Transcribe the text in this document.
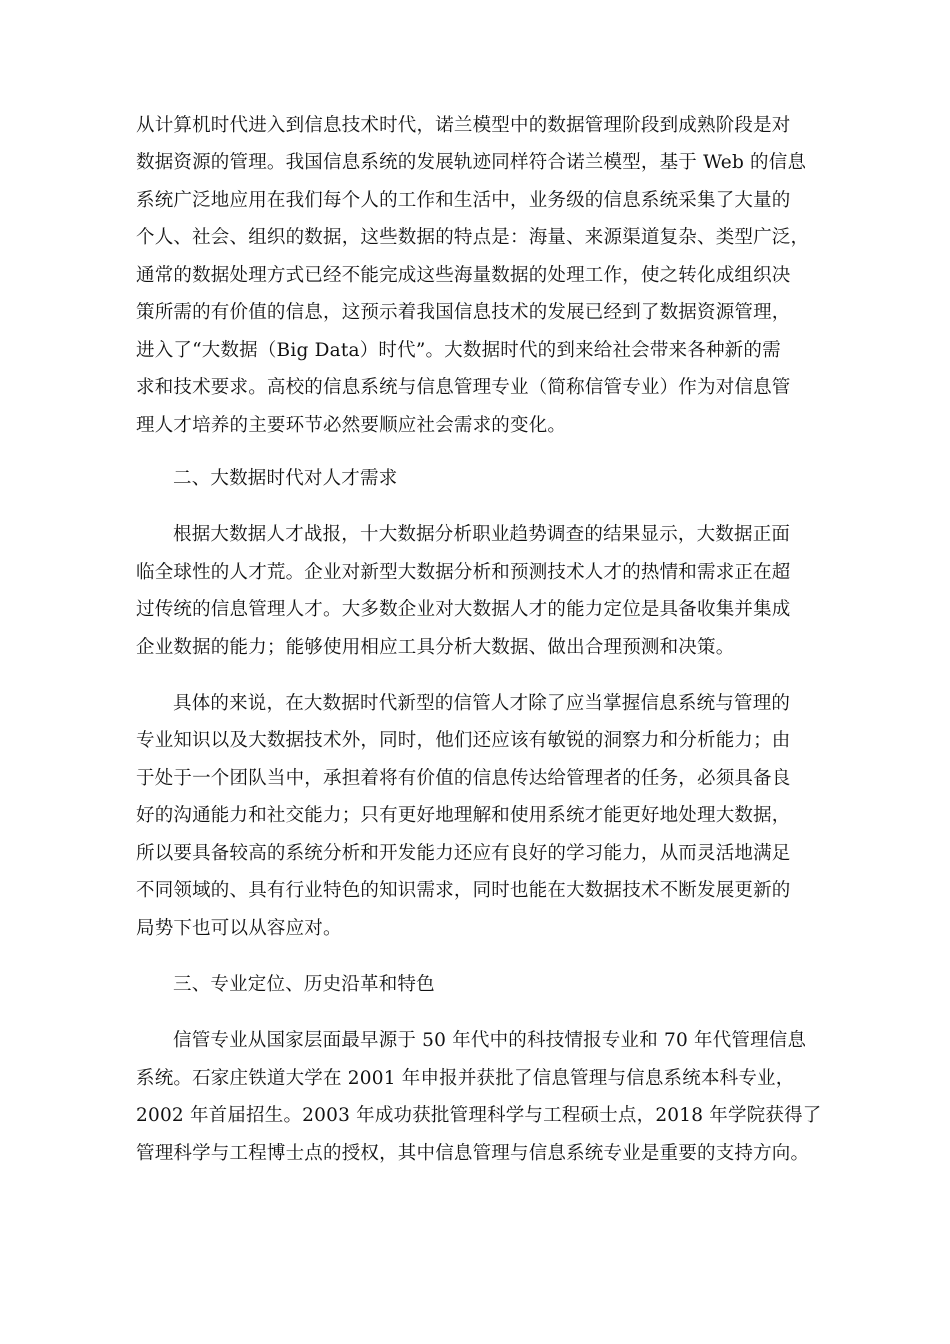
从计算机时代进入到信息技术时代，诺兰模型中的数据管理阶段到成熟阶段是对

数据资源的管理。我国信息系统的发展轨迹同样符合诺兰模型，基于 Web 的信息

系统广泛地应用在我们每个人的工作和生活中，业务级的信息系统采集了大量的

个人、社会、组织的数据，这些数据的特点是：海量、来源渠道复杂、类型广泛，

通常的数据处理方式已经不能完成这些海量数据的处理工作，使之转化成组织决

策所需的有价值的信息，这预示着我国信息技术的发展已经到了数据资源管理，

进入了“大数据（Big Data）时代”。大数据时代的到来给社会带来各种新的需

求和技术要求。高校的信息系统与信息管理专业（简称信管专业）作为对信息管

理人才培养的主要环节必然要顺应社会需求的变化。

二、大数据时代对人才需求

根据大数据人才战报，十大数据分析职业趋势调查的结果显示，大数据正面

临全球性的人才荒。企业对新型大数据分析和预测技术人才的热情和需求正在超

过传统的信息管理人才。大多数企业对大数据人才的能力定位是具备收集并集成

企业数据的能力；能够使用相应工具分析大数据、做出合理预测和决策。

具体的来说，在大数据时代新型的信管人才除了应当掌握信息系统与管理的

专业知识以及大数据技术外，同时，他们还应该有敏锐的洞察力和分析能力；由

于处于一个团队当中，承担着将有价值的信息传达给管理者的任务，必须具备良

好的沟通能力和社交能力；只有更好地理解和使用系统才能更好地处理大数据，

所以要具备较高的系统分析和开发能力还应有良好的学习能力，从而灵活地满足

不同领域的、具有行业特色的知识需求，同时也能在大数据技术不断发展更新的

局势下也可以从容应对。

三、专业定位、历史沿革和特色

信管专业从国家层面最早源于 50 年代中的科技情报专业和 70 年代管理信息

系统。石家庄铁道大学在 2001 年申报并获批了信息管理与信息系统本科专业，

2002 年首届招生。2003 年成功获批管理科学与工程硕士点，2018 年学院获得了

管理科学与工程博士点的授权，其中信息管理与信息系统专业是重要的支持方向。
